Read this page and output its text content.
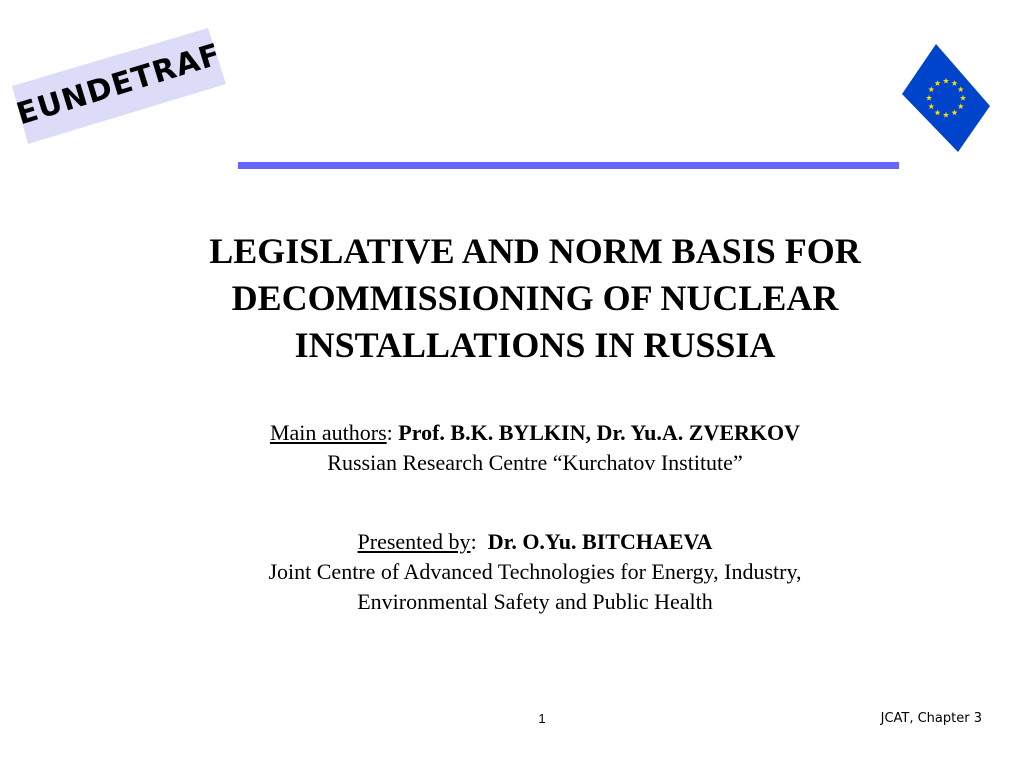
EUNDETRAF
LEGISLATIVE AND NORM BASIS FOR
DECOMMISSIONING OF NUCLEAR
INSTALLATIONS IN RUSSIA
Main authors: Prof. B.K. BYLKIN, Dr. Yu.A. ZVERKOV
Russian Research Centre “Kurchatov Institute”
Presented by:  Dr. O.Yu. BITCHAEVA
Joint Centre of Advanced Technologies for Energy, Industry,
Environmental Safety and Public Health
1	JCAT, Chapter 3
